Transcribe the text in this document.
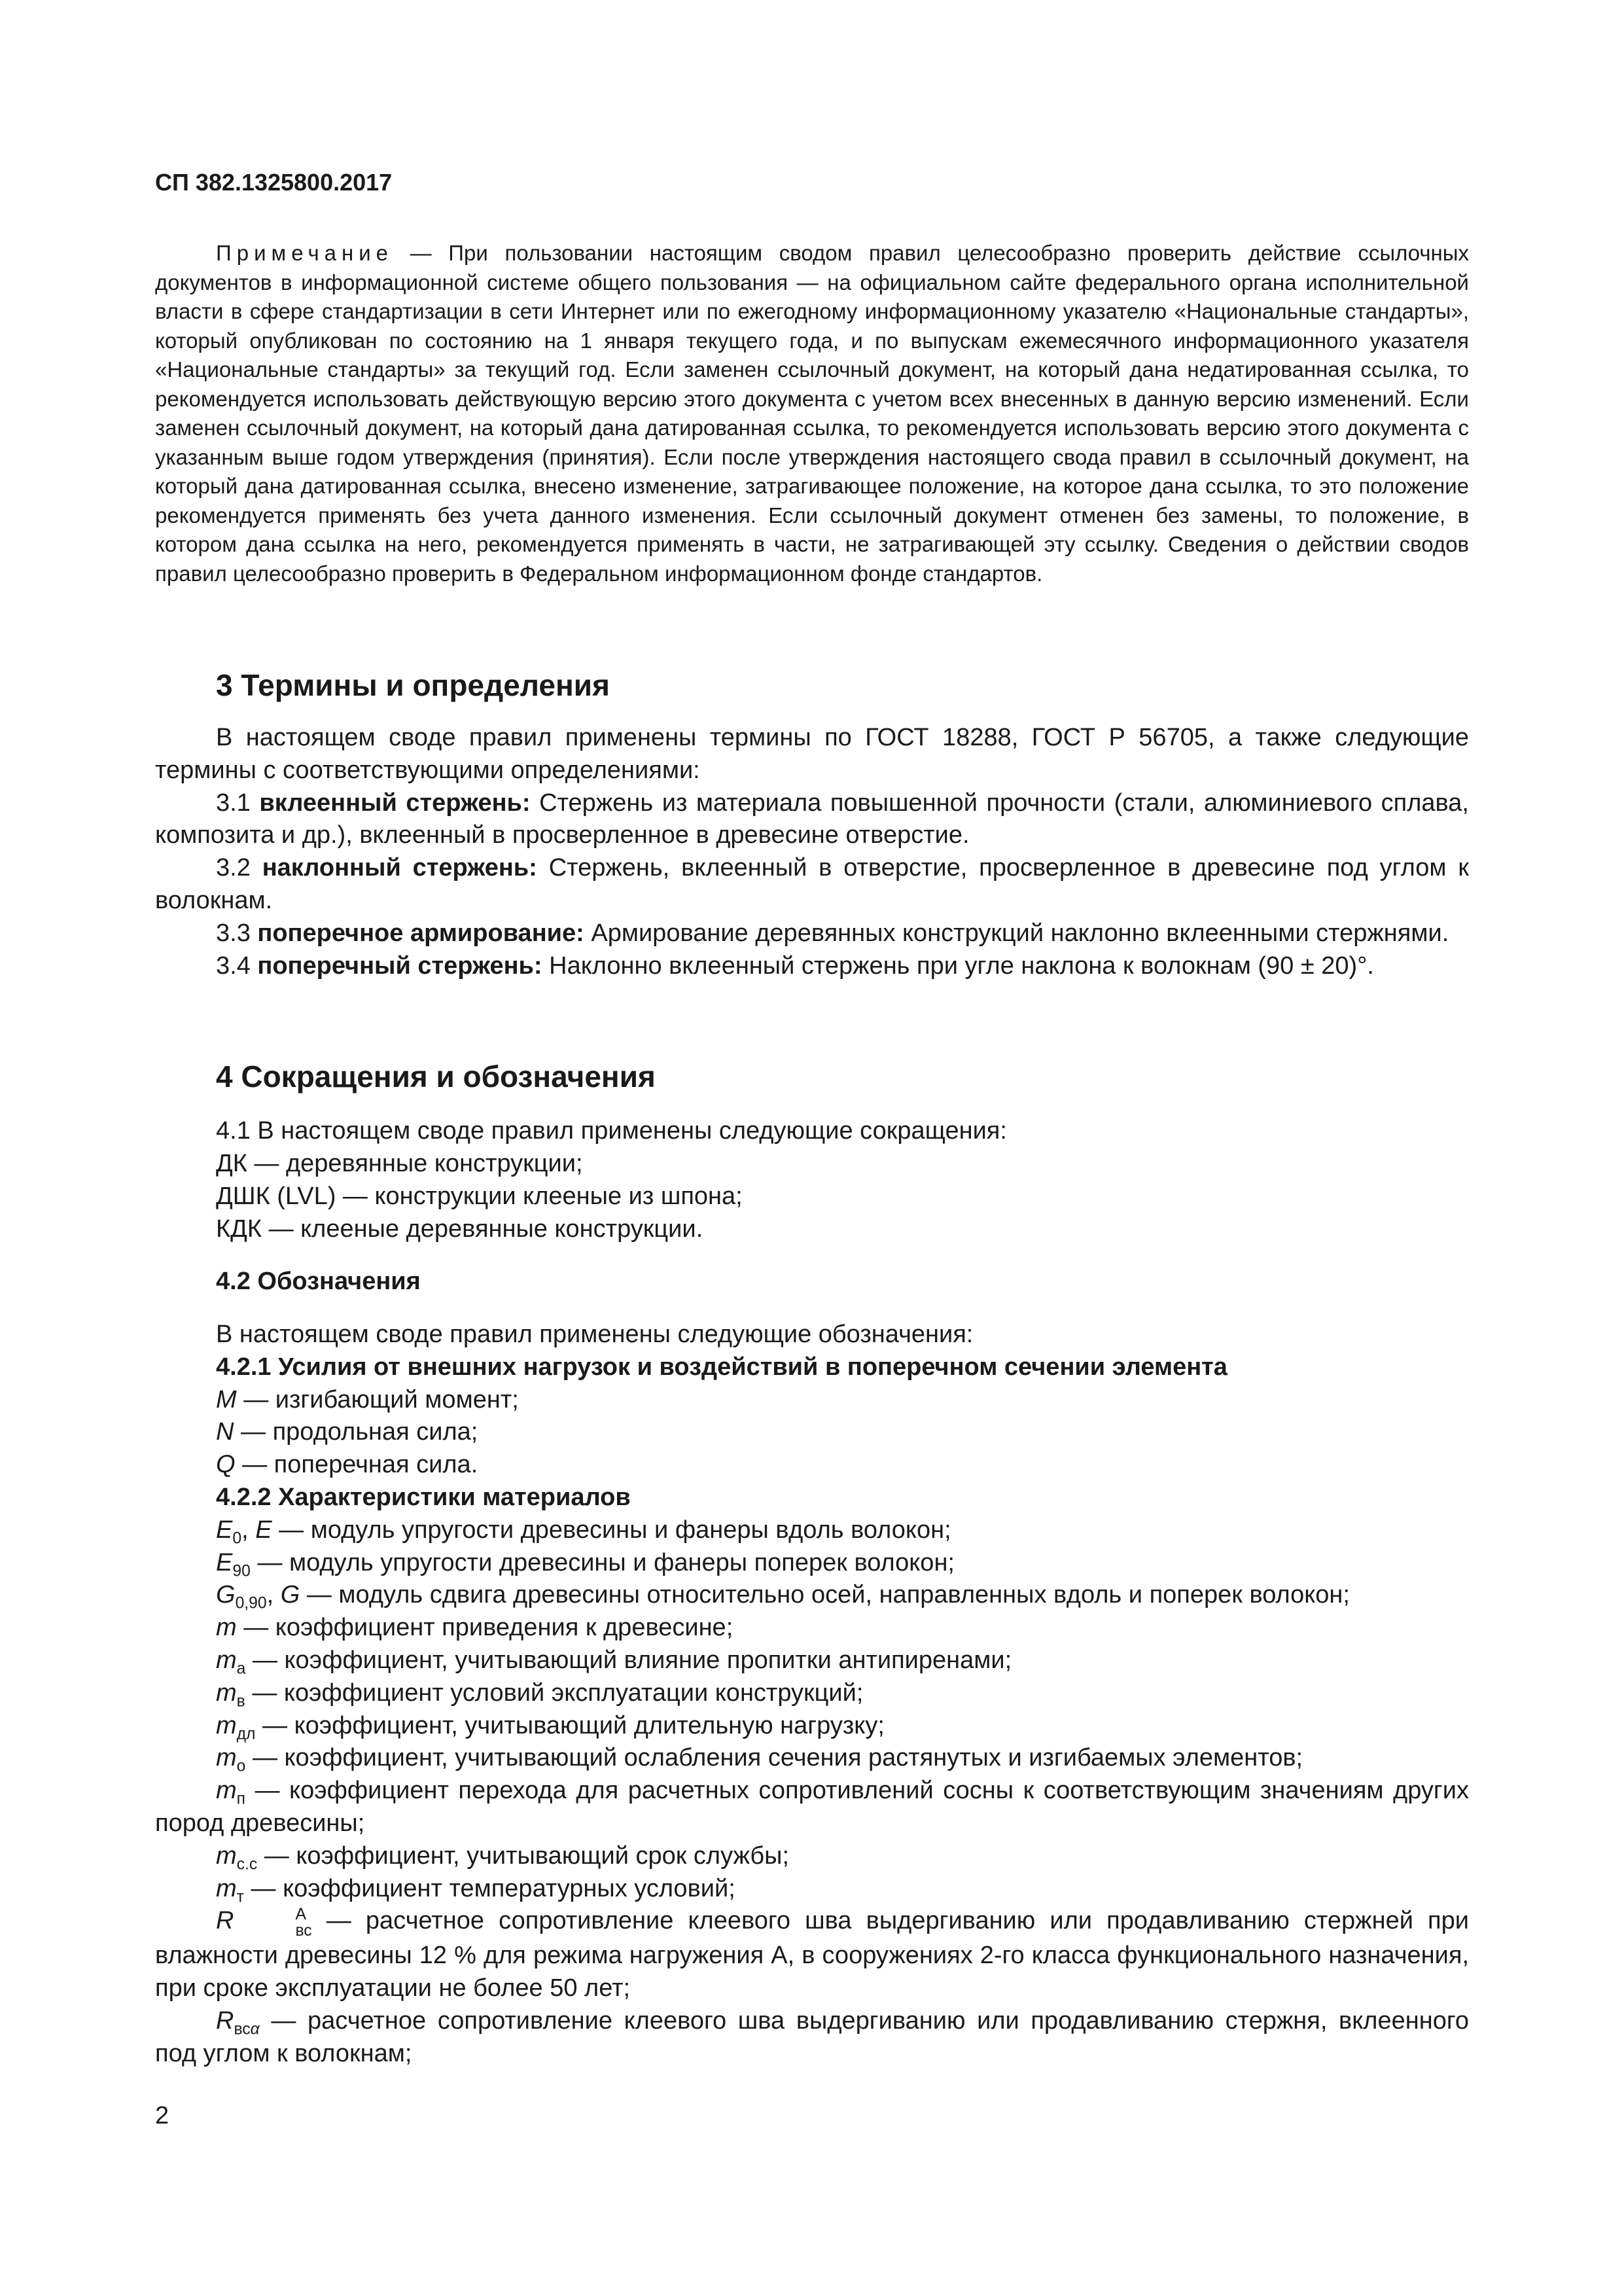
СП 382.1325800.2017

Примечание — При пользовании настоящим сводом правил целесообразно проверить действие ссылочных документов в информационной системе общего пользования — на официальном сайте федерального органа исполнительной власти в сфере стандартизации в сети Интернет или по ежегодному информационному указателю «Национальные стандарты», который опубликован по состоянию на 1 января текущего года, и по выпускам ежемесячного информационного указателя «Национальные стандарты» за текущий год. Если заменен ссылочный документ, на который дана недатированная ссылка, то рекомендуется использовать действующую версию этого документа с учетом всех внесенных в данную версию изменений. Если заменен ссылочный документ, на который дана датированная ссылка, то рекомендуется использовать версию этого документа с указанным выше годом утверждения (принятия). Если после утверждения настоящего свода правил в ссылочный документ, на который дана датированная ссылка, внесено изменение, затрагивающее положение, на которое дана ссылка, то это положение рекомендуется применять без учета данного изменения. Если ссылочный документ отменен без замены, то положение, в котором дана ссылка на него, рекомендуется применять в части, не затрагивающей эту ссылку. Сведения о действии сводов правил целесообразно проверить в Федеральном информационном фонде стандартов.

3 Термины и определения

В настоящем своде правил применены термины по ГОСТ 18288, ГОСТ Р 56705, а также следующие термины с соответствующими определениями:

3.1 вклеенный стержень: Стержень из материала повышенной прочности (стали, алюминиевого сплава, композита и др.), вклеенный в просверленное в древесине отверстие.

3.2 наклонный стержень: Стержень, вклеенный в отверстие, просверленное в древесине под углом к волокнам.

3.3 поперечное армирование: Армирование деревянных конструкций наклонно вклеенными стержнями.

3.4 поперечный стержень: Наклонно вклеенный стержень при угле наклона к волокнам (90 ± 20)°.

4 Сокращения и обозначения

4.1 В настоящем своде правил применены следующие сокращения:

ДК — деревянные конструкции;

ДШК (LVL) — конструкции клееные из шпона;

КДК — клееные деревянные конструкции.

4.2 Обозначения

В настоящем своде правил применены следующие обозначения:

4.2.1 Усилия от внешних нагрузок и воздействий в поперечном сечении элемента

M — изгибающий момент;

N — продольная сила;

Q — поперечная сила.

4.2.2 Характеристики материалов

$E_0$, E — модуль упругости древесины и фанеры вдоль волокон;

$E_{90}$ — модуль упругости древесины и фанеры поперек волокон;

$G_{0,90}$, G — модуль сдвига древесины относительно осей, направленных вдоль и поперек волокон;

m — коэффициент приведения к древесине;

$m_а$ — коэффициент, учитывающий влияние пропитки антипиренами;

$m_в$ — коэффициент условий эксплуатации конструкций;

$m_{дл}$ — коэффициент, учитывающий длительную нагрузку;

$m_о$ — коэффициент, учитывающий ослабления сечения растянутых и изгибаемых элементов;

$m_п$ — коэффициент перехода для расчетных сопротивлений сосны к соответствующим значениям других пород древесины;

$m_{с.с}$ — коэффициент, учитывающий срок службы;

$m_т$ — коэффициент температурных условий;

R	А
вс — расчетное сопротивление клеевого шва выдергиванию или продавливанию стержней при влажности древесины 12 % для режима нагружения А, в сооружениях 2-го класса функционального назначения, при сроке эксплуатации не более 50 лет;

$R_{вс\alpha}$ — расчетное сопротивление клеевого шва выдергиванию или продавливанию стержня, вклеенного под углом к волокнам;

2
